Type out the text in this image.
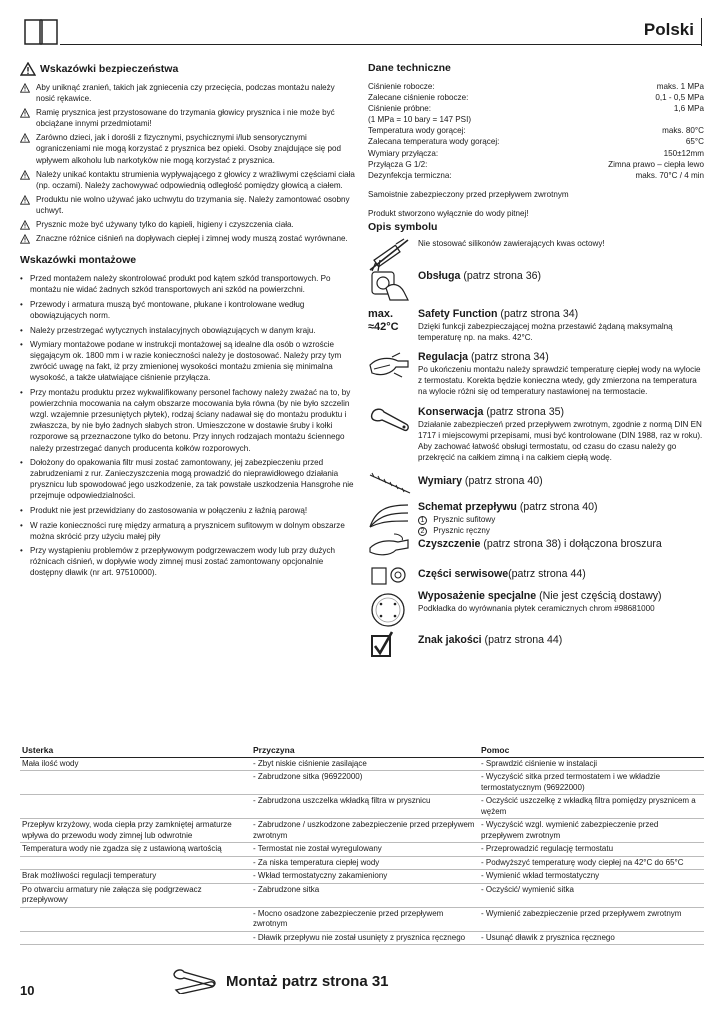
Polski
Wskazówki bezpieczeństwa
Aby uniknąć zranień, takich jak zgniecenia czy przecięcia, podczas montażu należy nosić rękawice.
Ramię prysznica jest przystosowane do trzymania głowicy prysznica i nie może być obciążane innymi przedmiotami!
Zarówno dzieci, jak i dorośli z fizycznymi, psychicznymi i/lub sensorycznymi ograniczeniami nie mogą korzystać z prysznica bez opieki. Osoby znajdujące się pod wpływem alkoholu lub narkotyków nie mogą korzystać z prysznica.
Należy unikać kontaktu strumienia wypływającego z głowicy z wrażliwymi częściami ciała (np. oczami). Należy zachowywać odpowiednią odległość pomiędzy głowicą a ciałem.
Produktu nie wolno używać jako uchwytu do trzymania się. Należy zamontować osobny uchwyt.
Prysznic może być używany tylko do kąpieli, higieny i czyszczenia ciała.
Znaczne różnice ciśnień na dopływach ciepłej i zimnej wody muszą zostać wyrównane.
Wskazówki montażowe
• Przed montażem należy skontrolować produkt pod kątem szkód transportowych. Po montażu nie widać żadnych szkód transportowych ani szkód na powierzchni.
• Przewody i armatura muszą być montowane, płukane i kontrolowane według obowiązujących norm.
• Należy przestrzegać wytycznych instalacyjnych obowiązujących w danym kraju.
• Wymiary montażowe podane w instrukcji montażowej są idealne dla osób o wzroście sięgającym ok. 1800 mm i w razie konieczności należy je dostosować. Należy przy tym zwrócić uwagę na fakt, iż przy zmienionej wysokości montażu zmienia się minimalna wysokość, a także ułatwiające ciśnienie przyłącza.
• Przy montażu produktu przez wykwalifikowany personel fachowy należy zważać na to, by powierzchnia mocowania na całym obszarze mocowania była równa (by nie było szczelin wzgl. wzajemnie przesuniętych płytek), rodzaj ściany nadawał się do montażu produktu i zwłaszcza, by nie było żadnych słabych stron. Umieszczone w dostawie śruby i kołki rozporowe są przeznaczone tylko do betonu. Przy innych rodzajach montażu ściennego należy przestrzegać danych producenta kołków rozporowych.
• Dołożony do opakowania filtr musi zostać zamontowany, jej zabezpieczeniu przed zabrudzeniami z rur. Zanieczyszczenia mogą prowadzić do nieprawidłowego działania prysznicu lub spowodować jego uszkodzenie, za tak powstałe uszkodzenia Hansgrohe nie przejmuje odpowiedzialności.
• Produkt nie jest przewidziany do zastosowania w połączeniu z łaźnią parową!
• W razie konieczności rurę między armaturą a prysznicem sufitowym w dolnym obszarze można skrócić przy użyciu małej piły
• Przy wystąpieniu problemów z przepływowym podgrzewaczem wody lub przy dużych różnicach ciśnień, w dopływie wody zimnej musi zostać zamontowany opcjonalnie dostępny dławik (nr art. 97510000).
Dane techniczne
Ciśnienie robocze:	maks. 1 MPa
Zalecane ciśnienie robocze:	0,1 - 0,5 MPa
Ciśnienie próbne:	1,6 MPa
(1 MPa = 10 bary = 147 PSI)
Temperatura wody gorącej:	maks. 80°C
Zalecana temperatura wody gorącej:	65°C
Wymiary przyłącza:	150±12mm
Przyłącza G 1/2:	Zimna prawo – ciepła lewo
Dezynfekcja termiczna:	maks. 70°C / 4 min
Samoistnie zabezpieczony przed przepływem zwrotnym
Produkt stworzono wyłącznie do wody pitnej!
Opis symbolu
Nie stosować silikonów zawierających kwas octowy!
Obsługa (patrz strona 36)
max.
≈42°C
Safety Function (patrz strona 34)
Dzięki funkcji zabezpieczającej można przestawić żądaną maksymalną temperaturę np. na maks. 42°C.
Regulacja (patrz strona 34)
Po ukończeniu montażu należy sprawdzić temperaturę ciepłej wody na wylocie z termostatu. Korekta będzie konieczna wtedy, gdy zmierzona na temperatura na wylocie różni się od temperatury nastawionej na termostacie.
Konserwacja (patrz strona 35)
Działanie zabezpieczeń przed przepływem zwrotnym, zgodnie z normą DIN EN 1717 i miejscowymi przepisami, musi być kontrolowane (DIN 1988, raz w roku). Aby zachować łatwość obsługi termostatu, od czasu do czasu należy go przekręcić na całkiem zimną i na całkiem ciepłą wodę.
Wymiary (patrz strona 40)
Schemat przepływu (patrz strona 40)
1 Prysznic sufitowy
2 Prysznic ręczny
Czyszczenie (patrz strona 38) i dołączona broszura
Części serwisowe(patrz strona 44)
Wyposażenie specjalne (Nie jest częścią dostawy)
Podkładka do wyrównania płytek ceramicznych chrom #98681000
Znak jakości (patrz strona 44)
Usterka	Przyczyna	Pomoc
Mała ilość wody	- Zbyt niskie ciśnienie zasilające	- Sprawdzić ciśnienie w instalacji
	- Zabrudzone sitka (96922000)	- Wyczyścić sitka przed termostatem i we wkładzie termostatycznym (96922000)
	- Zabrudzona uszczelka wkładką filtra w prysznicu	- Oczyścić uszczelkę z wkładką filtra pomiędzy prysznicem a wężem
Przepływ krzyżowy, woda ciepła przy zamkniętej armaturze wpływa do przewodu wody zimnej lub odwrotnie	- Zabrudzone / uszkodzone zabezpieczenie przed przepływem zwrotnym	- Wyczyścić wzgl. wymienić zabezpieczenie przed przepływem zwrotnym
Temperatura wody nie zgadza się z ustawioną wartością	- Termostat nie został wyregulowany	- Przeprowadzić regulację termostatu
	- Za niska temperatura ciepłej wody	- Podwyższyć temperaturę wody ciepłej na 42°C do 65°C
Brak możliwości regulacji temperatury	- Wkład termostatyczny zakamieniony	- Wymienić wkład termostatyczny
Po otwarciu armatury nie załącza się podgrzewacz przepływowy	- Zabrudzone sitka	- Oczyścić/ wymienić sitka
	- Mocno osadzone zabezpieczenie przed przepływem zwrotnym	- Wymienić zabezpieczenie przed przepływem zwrotnym
	- Dławik przepływu nie został usunięty z prysznica ręcznego	- Usunąć dławik z prysznica ręcznego
10
Montaż patrz strona 31
